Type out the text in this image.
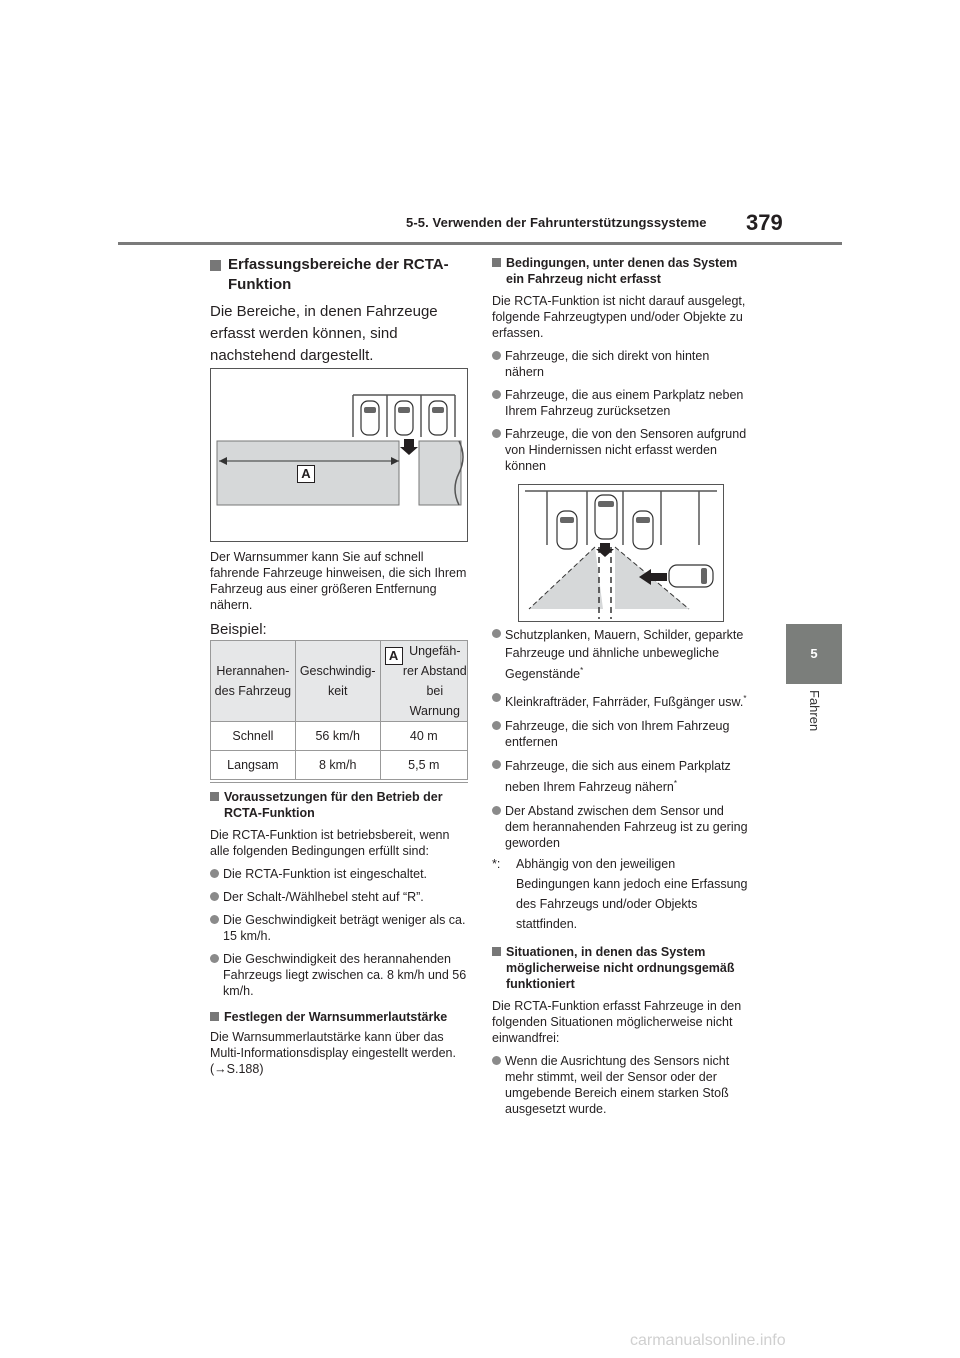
5-5. Verwenden der Fahrunterstützungssysteme 379
5
Fahren
Erfassungsbereiche der RCTA-Funktion
Die Bereiche, in denen Fahrzeuge erfasst werden können, sind nachstehend dargestellt.
A
Der Warnsummer kann Sie auf schnell fahrende Fahrzeuge hinweisen, die sich Ihrem Fahrzeug aus einer größeren Entfernung nähern.
Beispiel:
Herannahen-des Fahrzeug	Geschwindig-keit	A Ungefäh-rer Abstand bei Warnung

Schnell	56 km/h	40 m
Langsam	8 km/h	5,5 m
Voraussetzungen für den Betrieb der RCTA-Funktion
Die RCTA-Funktion ist betriebsbereit, wenn alle folgenden Bedingungen erfüllt sind:
Die RCTA-Funktion ist eingeschaltet.
Der Schalt-/Wählhebel steht auf “R”.
Die Geschwindigkeit beträgt weniger als ca. 15 km/h.
Die Geschwindigkeit des herannahenden Fahrzeugs liegt zwischen ca. 8 km/h und 56 km/h.
Festlegen der Warnsummerlautstärke
Die Warnsummerlautstärke kann über das Multi-Informationsdisplay eingestellt werden.
(→S.188)
Bedingungen, unter denen das System ein Fahrzeug nicht erfasst
Die RCTA-Funktion ist nicht darauf ausgelegt, folgende Fahrzeugtypen und/oder Objekte zu erfassen.
Fahrzeuge, die sich direkt von hinten nähern
Fahrzeuge, die aus einem Parkplatz neben Ihrem Fahrzeug zurücksetzen
Fahrzeuge, die von den Sensoren aufgrund von Hindernissen nicht erfasst werden können
Schutzplanken, Mauern, Schilder, geparkte Fahrzeuge und ähnliche unbewegliche Gegenstände*
Kleinkrafträder, Fahrräder, Fußgänger usw.*
Fahrzeuge, die sich von Ihrem Fahrzeug entfernen
Fahrzeuge, die sich aus einem Parkplatz neben Ihrem Fahrzeug nähern*
Der Abstand zwischen dem Sensor und dem herannahenden Fahrzeug ist zu gering geworden
*: Abhängig von den jeweiligen Bedingungen kann jedoch eine Erfassung des Fahrzeugs und/oder Objekts stattfinden.
Situationen, in denen das System möglicherweise nicht ordnungsgemäß funktioniert
Die RCTA-Funktion erfasst Fahrzeuge in den folgenden Situationen möglicherweise nicht einwandfrei:
Wenn die Ausrichtung des Sensors nicht mehr stimmt, weil der Sensor oder der umgebende Bereich einem starken Stoß ausgesetzt wurde.
carmanualsonline.info
